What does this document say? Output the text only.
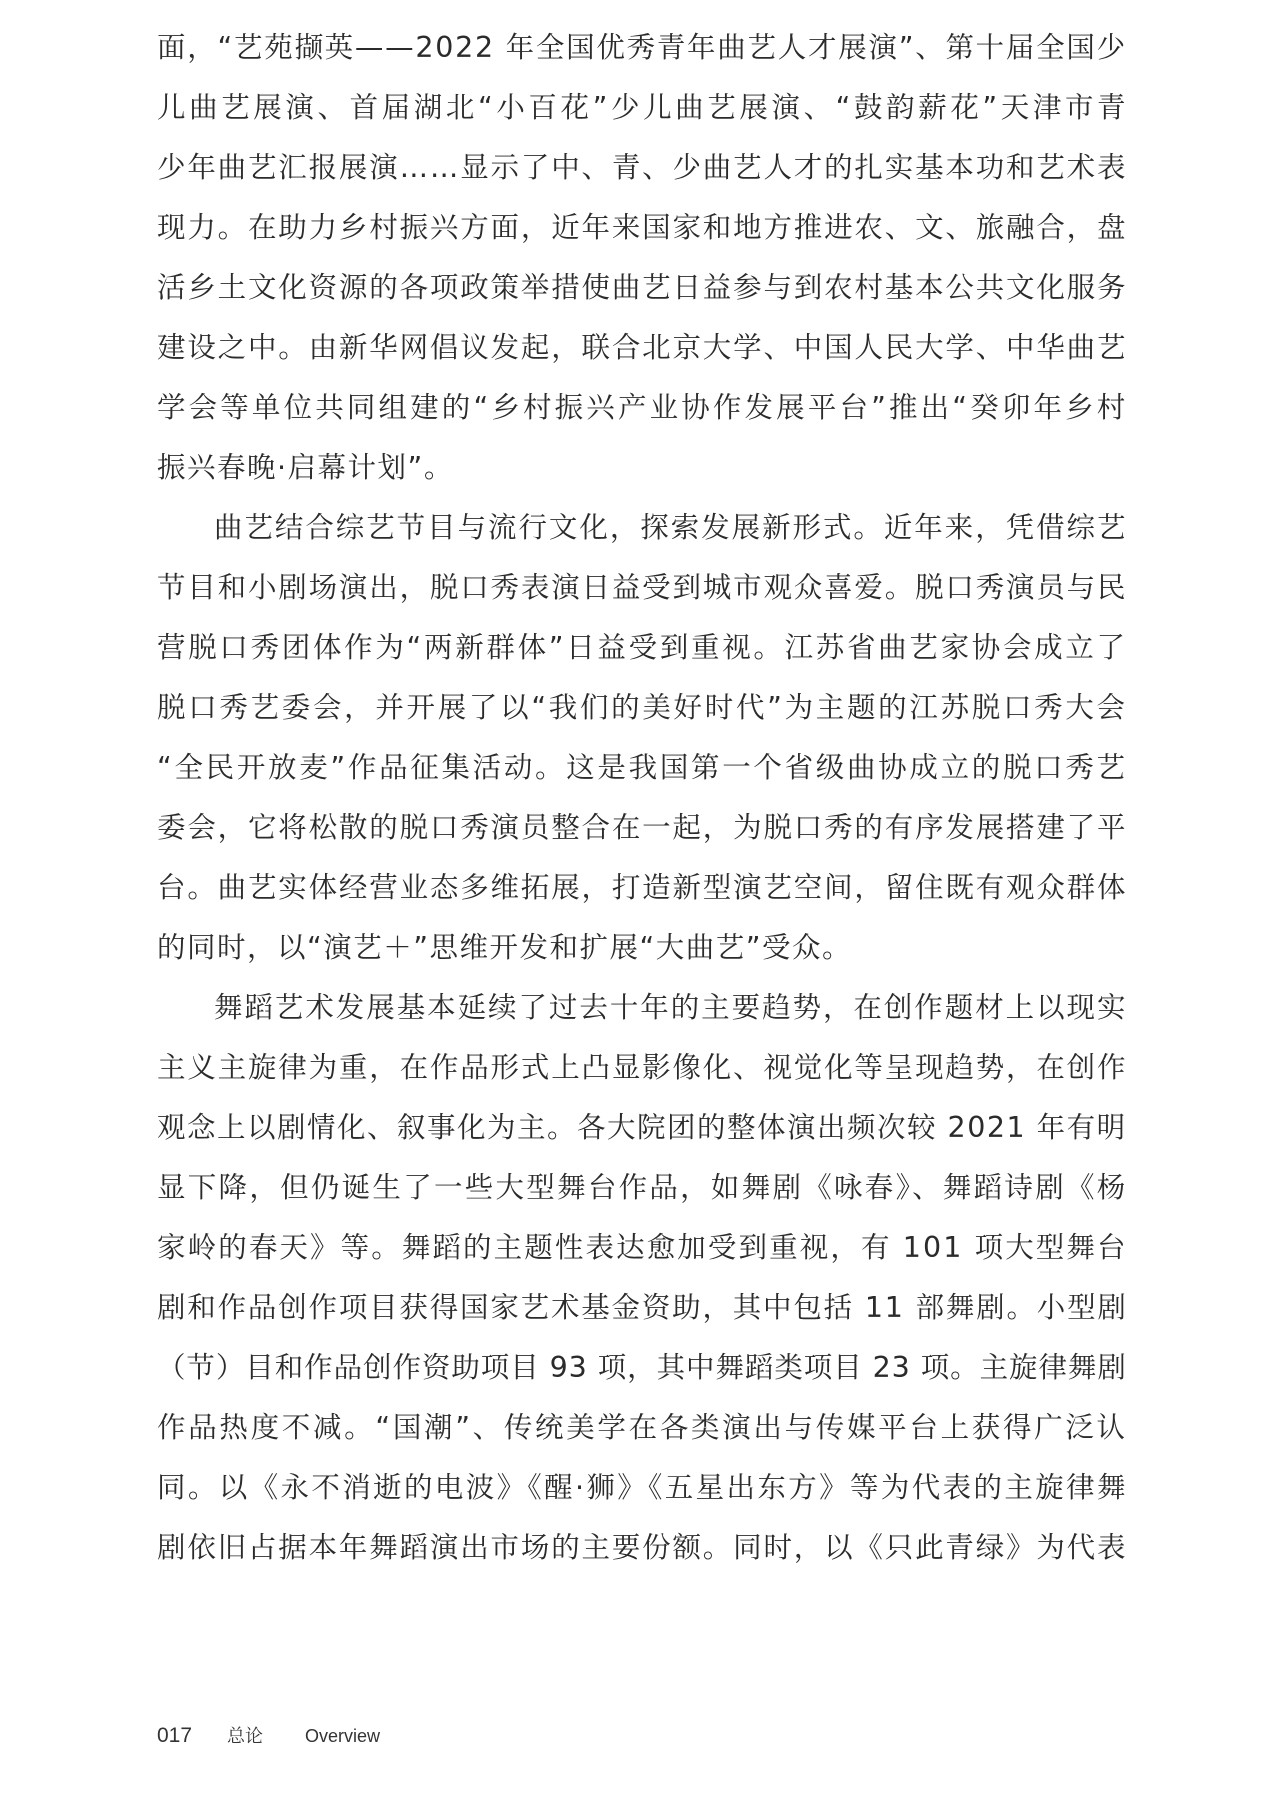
面，“艺苑撷英——2022 年全国优秀青年曲艺人才展演”、第十届全国少
儿曲艺展演、首届湖北“小百花”少儿曲艺展演、“鼓韵薪花”天津市青
少年曲艺汇报展演……显示了中、青、少曲艺人才的扎实基本功和艺术表
现力。在助力乡村振兴方面，近年来国家和地方推进农、文、旅融合，盘
活乡土文化资源的各项政策举措使曲艺日益参与到农村基本公共文化服务
建设之中。由新华网倡议发起，联合北京大学、中国人民大学、中华曲艺
学会等单位共同组建的“乡村振兴产业协作发展平台”推出“癸卯年乡村
振兴春晚·启幕计划”。
曲艺结合综艺节目与流行文化，探索发展新形式。近年来，凭借综艺
节目和小剧场演出，脱口秀表演日益受到城市观众喜爱。脱口秀演员与民
营脱口秀团体作为“两新群体”日益受到重视。江苏省曲艺家协会成立了
脱口秀艺委会，并开展了以“我们的美好时代”为主题的江苏脱口秀大会
“全民开放麦”作品征集活动。这是我国第一个省级曲协成立的脱口秀艺
委会，它将松散的脱口秀演员整合在一起，为脱口秀的有序发展搭建了平
台。曲艺实体经营业态多维拓展，打造新型演艺空间，留住既有观众群体
的同时，以“演艺＋”思维开发和扩展“大曲艺”受众。
舞蹈艺术发展基本延续了过去十年的主要趋势，在创作题材上以现实
主义主旋律为重，在作品形式上凸显影像化、视觉化等呈现趋势，在创作
观念上以剧情化、叙事化为主。各大院团的整体演出频次较 2021 年有明
显下降，但仍诞生了一些大型舞台作品，如舞剧《咏春》、舞蹈诗剧《杨
家岭的春天》等。舞蹈的主题性表达愈加受到重视，有 101 项大型舞台
剧和作品创作项目获得国家艺术基金资助，其中包括 11 部舞剧。小型剧
（节）目和作品创作资助项目 93 项，其中舞蹈类项目 23 项。主旋律舞剧
作品热度不减。“国潮”、传统美学在各类演出与传媒平台上获得广泛认
同。以《永不消逝的电波》《醒·狮》《五星出东方》等为代表的主旋律舞
剧依旧占据本年舞蹈演出市场的主要份额。同时，以《只此青绿》为代表
017 总论 Overview
